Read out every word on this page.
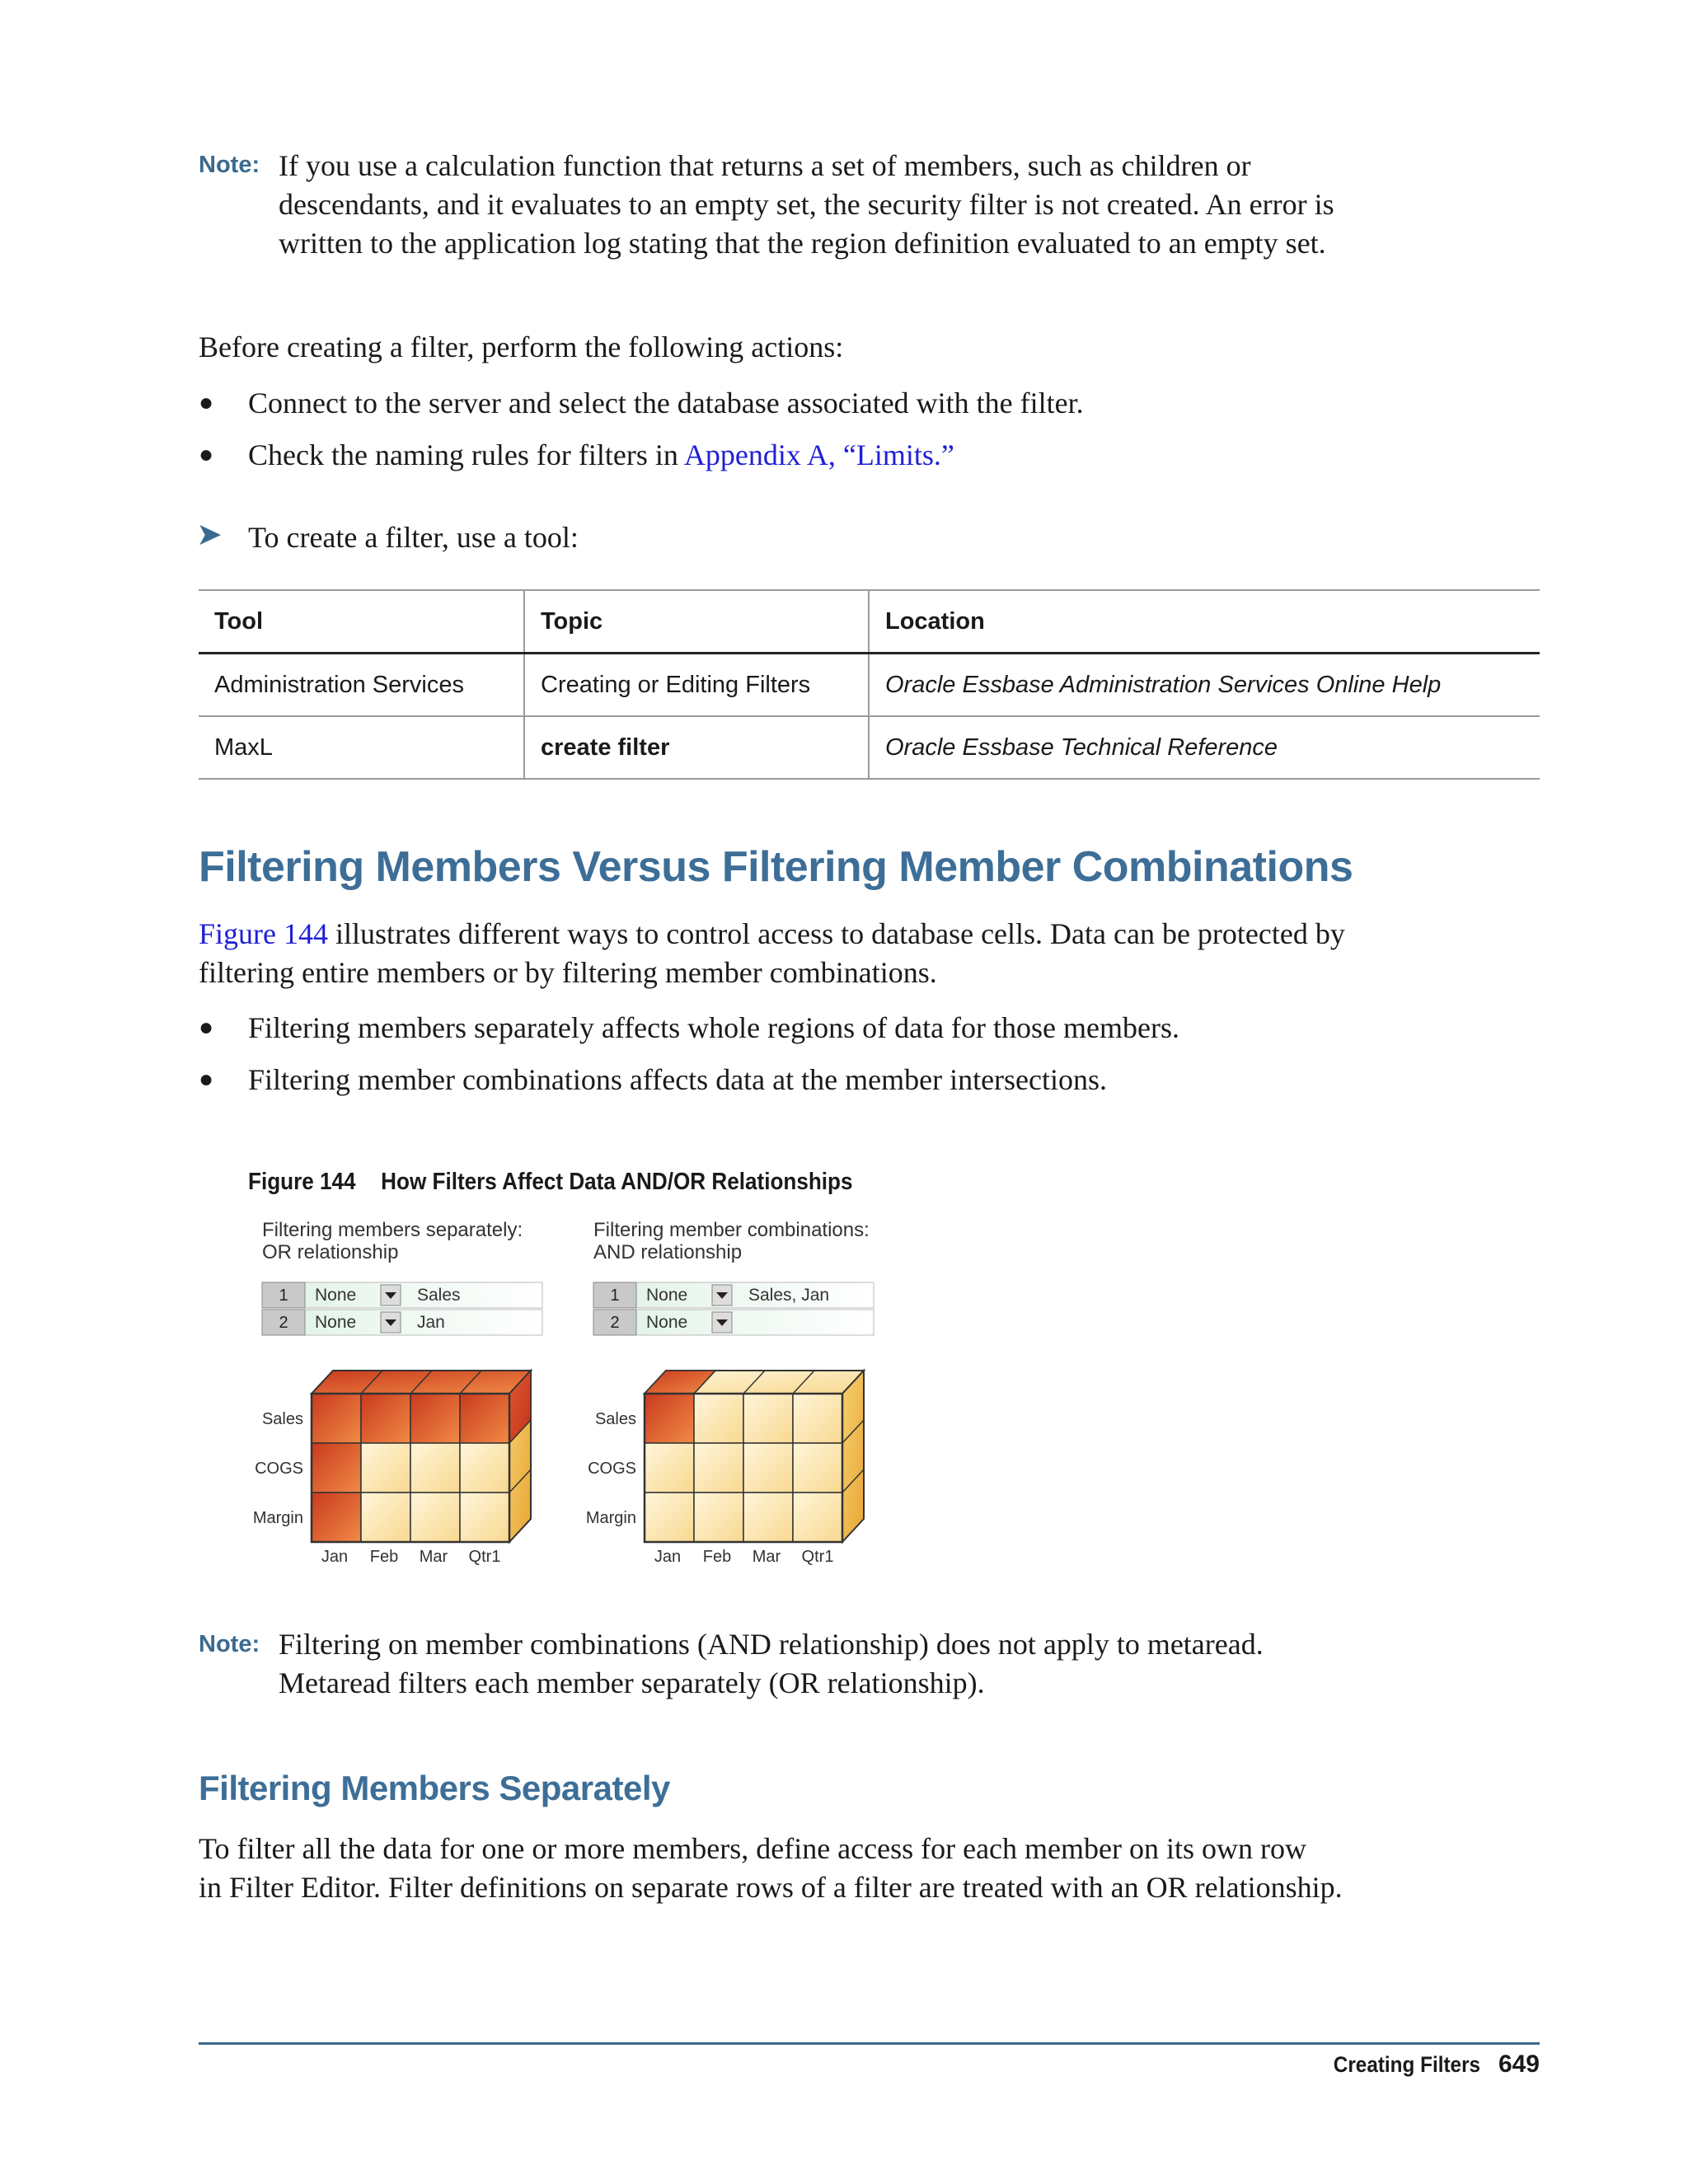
Note: If you use a calculation function that returns a set of members, such as children or
descendants, and it evaluates to an empty set, the security filter is not created. An error is
written to the application log stating that the region definition evaluated to an empty set.
Before creating a filter, perform the following actions:
● Connect to the server and select the database associated with the filter.
● Check the naming rules for filters in Appendix A, “Limits.”
➤ To create a filter, use a tool:
Tool	Topic	Location
Administration Services	Creating or Editing Filters	Oracle Essbase Administration Services Online Help
MaxL	create filter	Oracle Essbase Technical Reference
Filtering Members Versus Filtering Member Combinations
Figure 144 illustrates different ways to control access to database cells. Data can be protected by
filtering entire members or by filtering member combinations.
● Filtering members separately affects whole regions of data for those members.
● Filtering member combinations affects data at the member intersections.
Figure 144 How Filters Affect Data AND/OR Relationships
Filtering members separately:
OR relationship
1 None	Sales
2 None	Jan
Filtering member combinations:
AND relationship
1 None	Sales, Jan
2 None
Sales
COGS
Margin
Jan Feb Mar Qtr1
Sales
COGS
Margin
Jan Feb Mar Qtr1
Note: Filtering on member combinations (AND relationship) does not apply to metaread.
Metaread filters each member separately (OR relationship).
Filtering Members Separately
To filter all the data for one or more members, define access for each member on its own row
in Filter Editor. Filter definitions on separate rows of a filter are treated with an OR relationship.
Creating Filters 649
